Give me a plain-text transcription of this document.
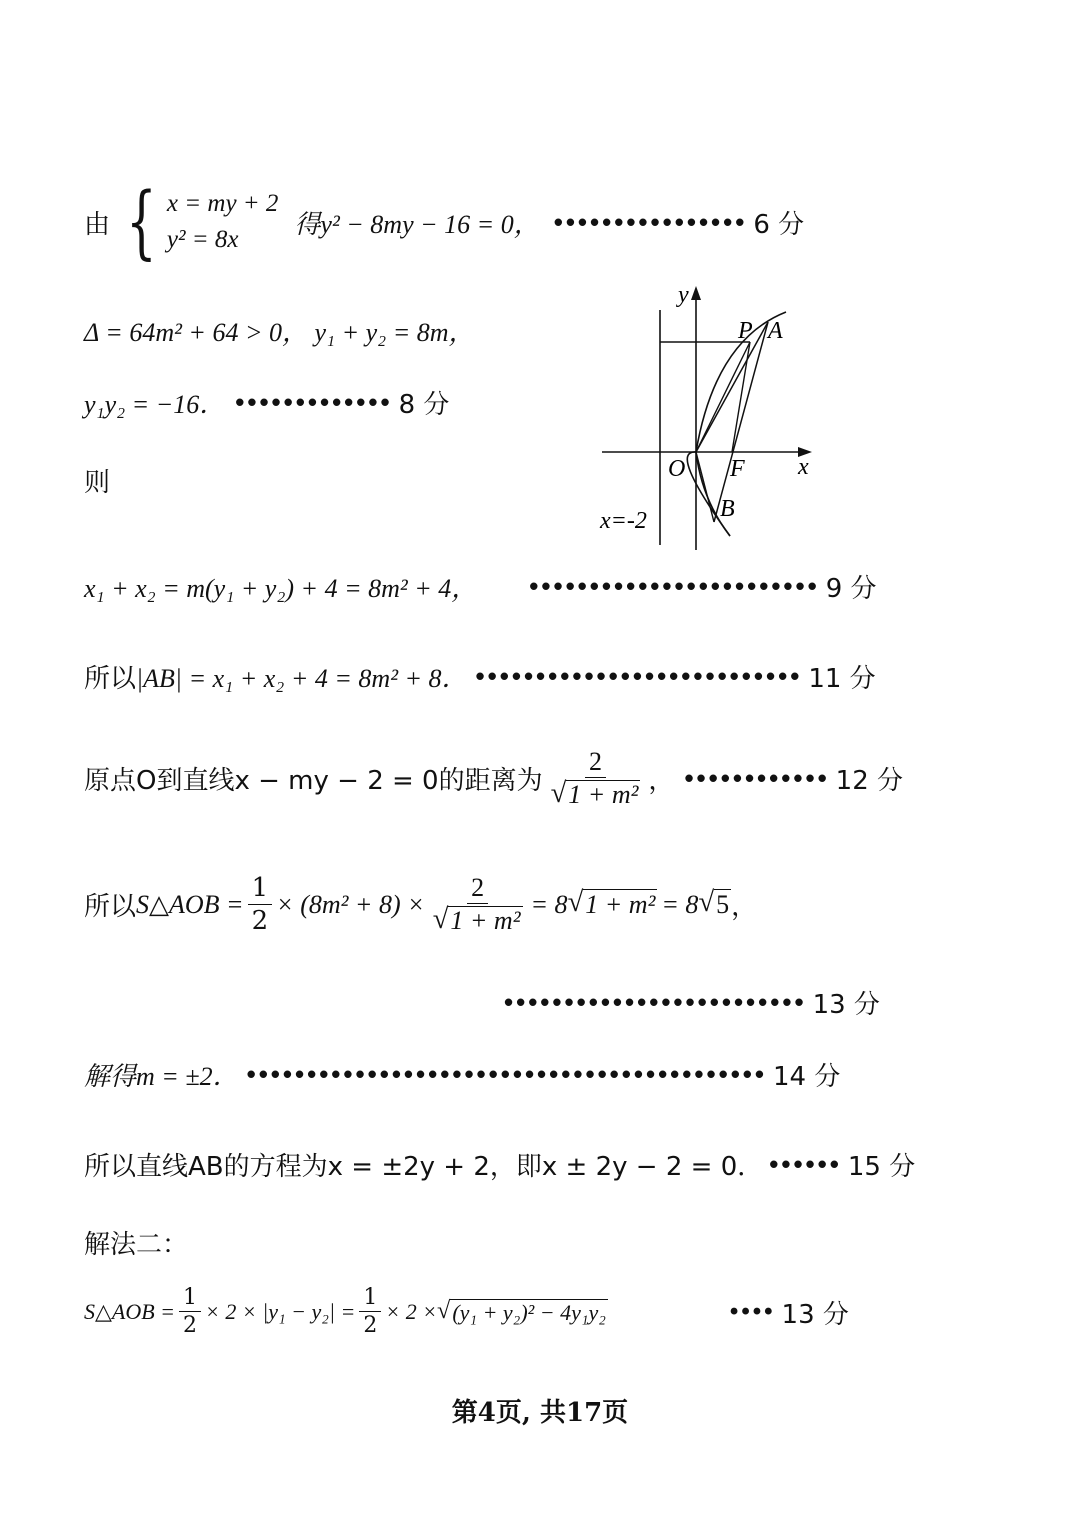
由 { x = my + 2
y² = 8x
得y² − 8my − 16 = 0， •••••••••••••••• 6 分
Δ = 64m² + 64 > 0， y₁ + y₂ = 8m，
y₁y₂ = −16． ••••••••••••• 8 分
则
y
x
O F
P A
B
x=-2
x₁ + x₂ = m(y₁ + y₂) + 4 = 8m² + 4， •••••••••••••••••••••••• 9 分
所以 |AB| = x₁ + x₂ + 4 = 8m² + 8． ••••••••••••••••••••••••••• 11 分
原点O到直线x − my − 2 = 0的距离为 $\frac{2}{\text{√ 1 + m²}}$ ， •••••••••••• 12 分
所以 S△AOB = $\frac{1}{2} \times (8m^2 + 8) \times \frac{2}{\text{√ 1 + m²}} = 8$ √ 1 + m² = 8 √ 5 ，
••••••••••••••••••••••••• 13 分
解得m = ±2． ••••••••••••••••••••••••••••••••••••••••••• 14 分
所以直线AB的方程为x = ±2y + 2，即x ± 2y − 2 = 0． •••••• 15 分
解法二：
S△AOB = $\frac{1}{2} \times 2 \times |y_1 - y_2| = \frac{1}{2} \times 2$ × √ (y₁ + y₂)² − 4y₁y₂	•••• 13 分
第4页, 共17页
